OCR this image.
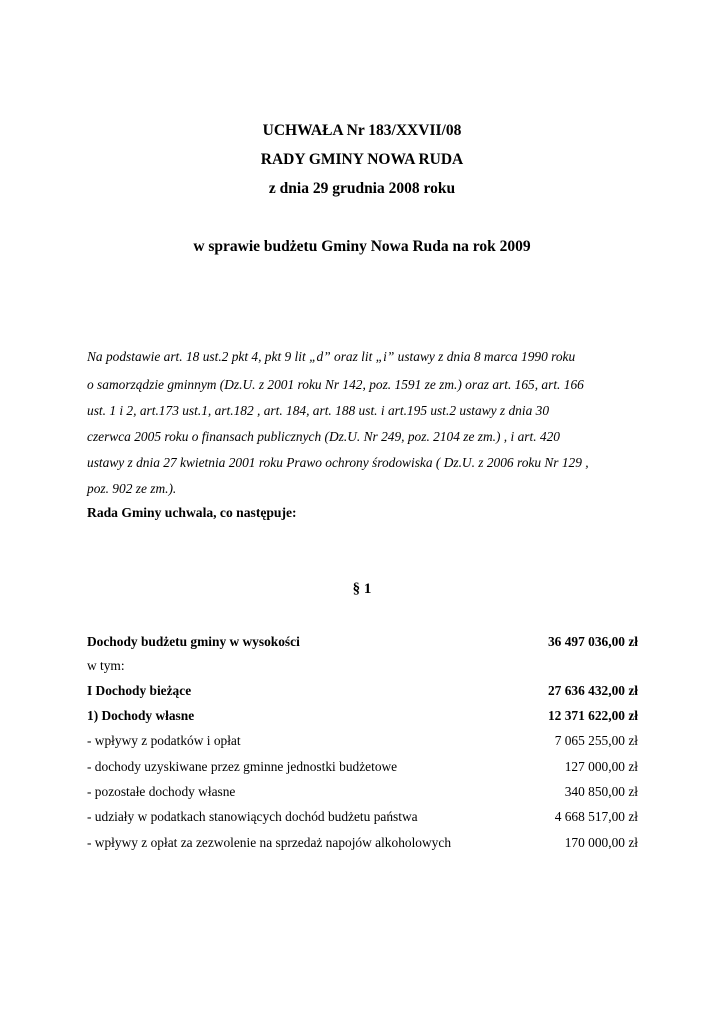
UCHWAŁA Nr 183/XXVII/08
RADY GMINY NOWA RUDA
z dnia 29 grudnia 2008 roku
w sprawie budżetu Gminy Nowa Ruda na rok 2009
Na podstawie art. 18 ust.2 pkt 4, pkt 9 lit „d” oraz lit „i” ustawy z dnia 8 marca 1990 roku
o samorządzie gminnym (Dz.U. z 2001 roku Nr 142, poz. 1591 ze zm.) oraz art. 165, art. 166
ust. 1 i 2, art.173 ust.1, art.182 , art. 184, art. 188 ust. i art.195 ust.2 ustawy z dnia 30
czerwca 2005 roku o finansach publicznych (Dz.U. Nr 249, poz. 2104 ze zm.) , i art. 420
ustawy z dnia 27 kwietnia 2001 roku Prawo ochrony środowiska ( Dz.U. z 2006 roku Nr 129 ,
poz. 902 ze zm.).
Rada Gminy uchwala, co następuje:
§ 1
Dochody budżetu gminy w wysokości	36 497 036,00 zł
w tym:
I Dochody bieżące	27 636 432,00 zł
1) Dochody własne	12 371 622,00 zł
- wpływy z podatków i opłat	7 065 255,00 zł
- dochody uzyskiwane przez gminne jednostki budżetowe	127 000,00 zł
- pozostałe dochody własne	340 850,00 zł
- udziały w podatkach stanowiących dochód budżetu państwa	4 668 517,00 zł
- wpływy z opłat za zezwolenie na sprzedaż napojów alkoholowych	170 000,00 zł
